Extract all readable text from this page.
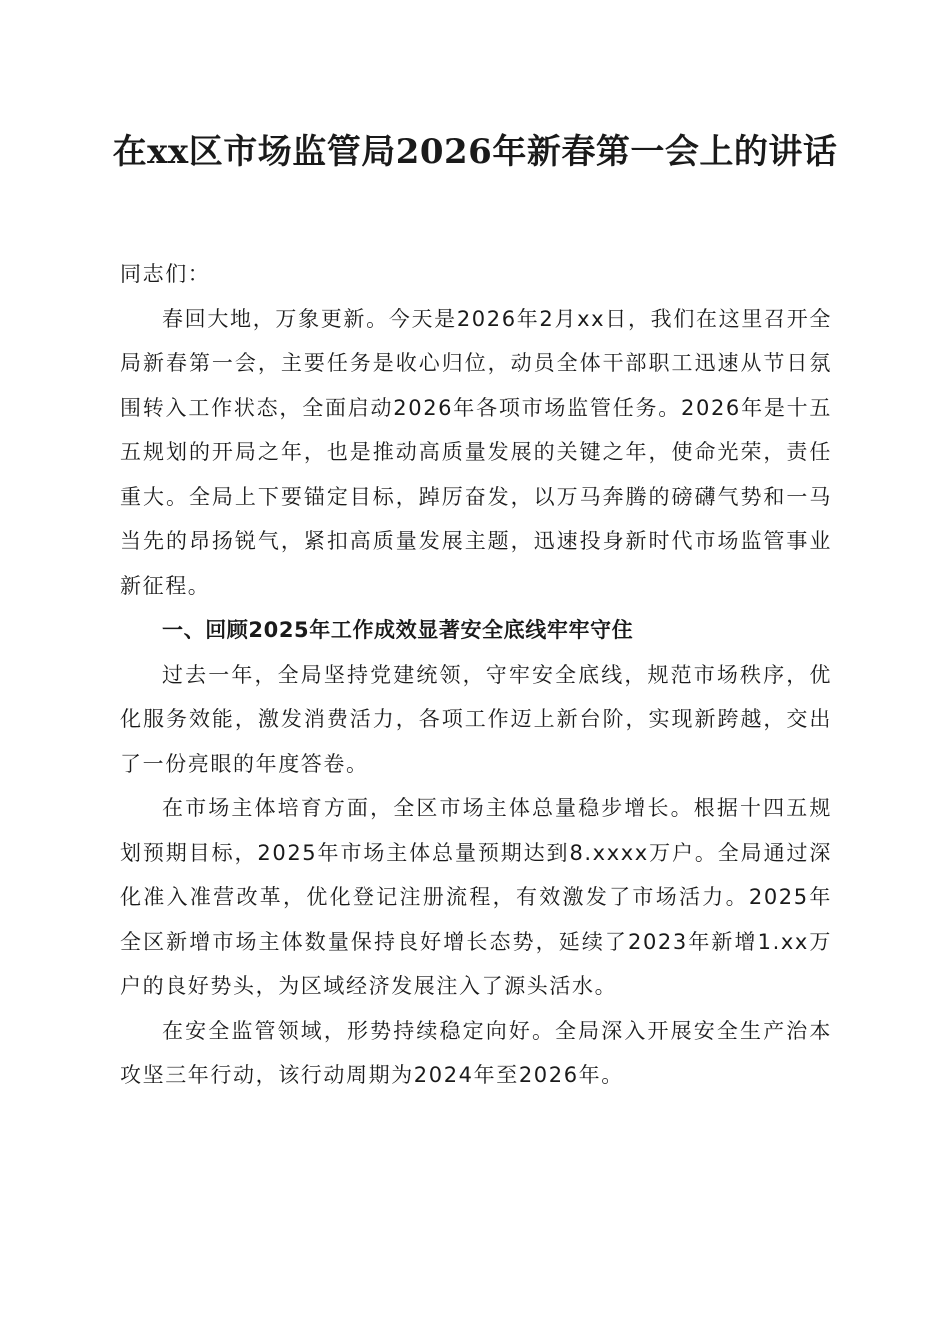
在xx区市场监管局2026年新春第一会上的讲话

同志们：

春回大地，万象更新。今天是2026年2月xx日，我们在这里召开全局新春第一会，主要任务是收心归位，动员全体干部职工迅速从节日氛围转入工作状态，全面启动2026年各项市场监管任务。2026年是十五五规划的开局之年，也是推动高质量发展的关键之年，使命光荣，责任重大。全局上下要锚定目标，踔厉奋发，以万马奔腾的磅礴气势和一马当先的昂扬锐气，紧扣高质量发展主题，迅速投身新时代市场监管事业新征程。

一、回顾2025年工作成效显著安全底线牢牢守住

过去一年，全局坚持党建统领，守牢安全底线，规范市场秩序，优化服务效能，激发消费活力，各项工作迈上新台阶，实现新跨越，交出了一份亮眼的年度答卷。

在市场主体培育方面，全区市场主体总量稳步增长。根据十四五规划预期目标，2025年市场主体总量预期达到8.xxxx万户。全局通过深化准入准营改革，优化登记注册流程，有效激发了市场活力。2025年全区新增市场主体数量保持良好增长态势，延续了2023年新增1.xx万户的良好势头，为区域经济发展注入了源头活水。

在安全监管领域，形势持续稳定向好。全局深入开展安全生产治本攻坚三年行动，该行动周期为2024年至2026年。
